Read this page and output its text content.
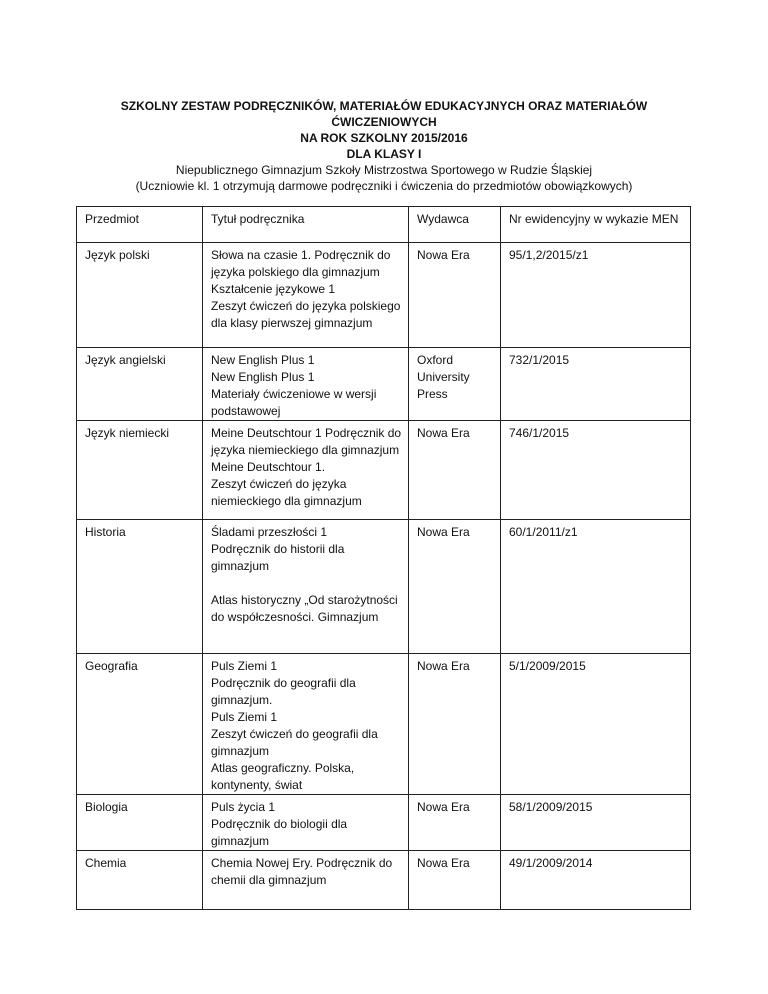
SZKOLNY ZESTAW PODRĘCZNIKÓW, MATERIAŁÓW EDUKACYJNYCH ORAZ MATERIAŁÓW
ĆWICZENIOWYCH
NA ROK SZKOLNY 2015/2016
DLA KLASY I
Niepublicznego Gimnazjum Szkoły Mistrzostwa Sportowego w Rudzie Śląskiej
(Uczniowie kl. 1 otrzymują darmowe podręczniki i ćwiczenia do przedmiotów obowiązkowych)
Przedmiot	Tytuł podręcznika	Wydawca	Nr ewidencyjny w wykazie MEN
Język polski	Słowa na czasie 1. Podręcznik do języka polskiego dla gimnazjum
Kształcenie językowe 1
Zeszyt ćwiczeń do języka polskiego dla klasy pierwszej gimnazjum	Nowa Era	95/1,2/2015/z1
Język angielski	New English Plus 1
New English Plus 1
Materiały ćwiczeniowe w wersji podstawowej	Oxford University Press	732/1/2015
Język niemiecki	Meine Deutschtour 1 Podręcznik do języka niemieckiego dla gimnazjum
Meine Deutschtour 1.
Zeszyt ćwiczeń do języka niemieckiego dla gimnazjum	Nowa Era	746/1/2015
Historia	Śladami przeszłości 1
Podręcznik do historii dla gimnazjum
Atlas historyczny „Od starożytności do współczesności. Gimnazjum	Nowa Era	60/1/2011/z1
Geografia	Puls Ziemi 1
Podręcznik do geografii dla gimnazjum.
Puls Ziemi 1
Zeszyt ćwiczeń do geografii dla gimnazjum
Atlas geograficzny. Polska, kontynenty, świat	Nowa Era	5/1/2009/2015
Biologia	Puls życia 1
Podręcznik do biologii dla gimnazjum	Nowa Era	58/1/2009/2015
Chemia	Chemia Nowej Ery. Podręcznik do chemii dla gimnazjum	Nowa Era	49/1/2009/2014
